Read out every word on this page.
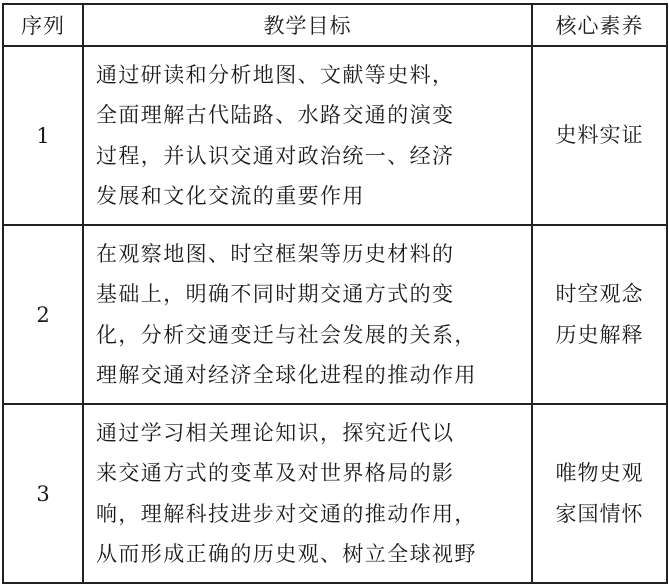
序列	教学目标	核心素养
1	通过研读和分析地图、文献等史料，
全面理解古代陆路、水路交通的演变
过程，并认识交通对政治统一、经济
发展和文化交流的重要作用	史料实证

2	在观察地图、时空框架等历史材料的
基础上，明确不同时期交通方式的变
化，分析交通变迁与社会发展的关系，
理解交通对经济全球化进程的推动作用	时空观念
历史解释

3	通过学习相关理论知识，探究近代以
来交通方式的变革及对世界格局的影
响，理解科技进步对交通的推动作用，
从而形成正确的历史观、树立全球视野	唯物史观
家国情怀
